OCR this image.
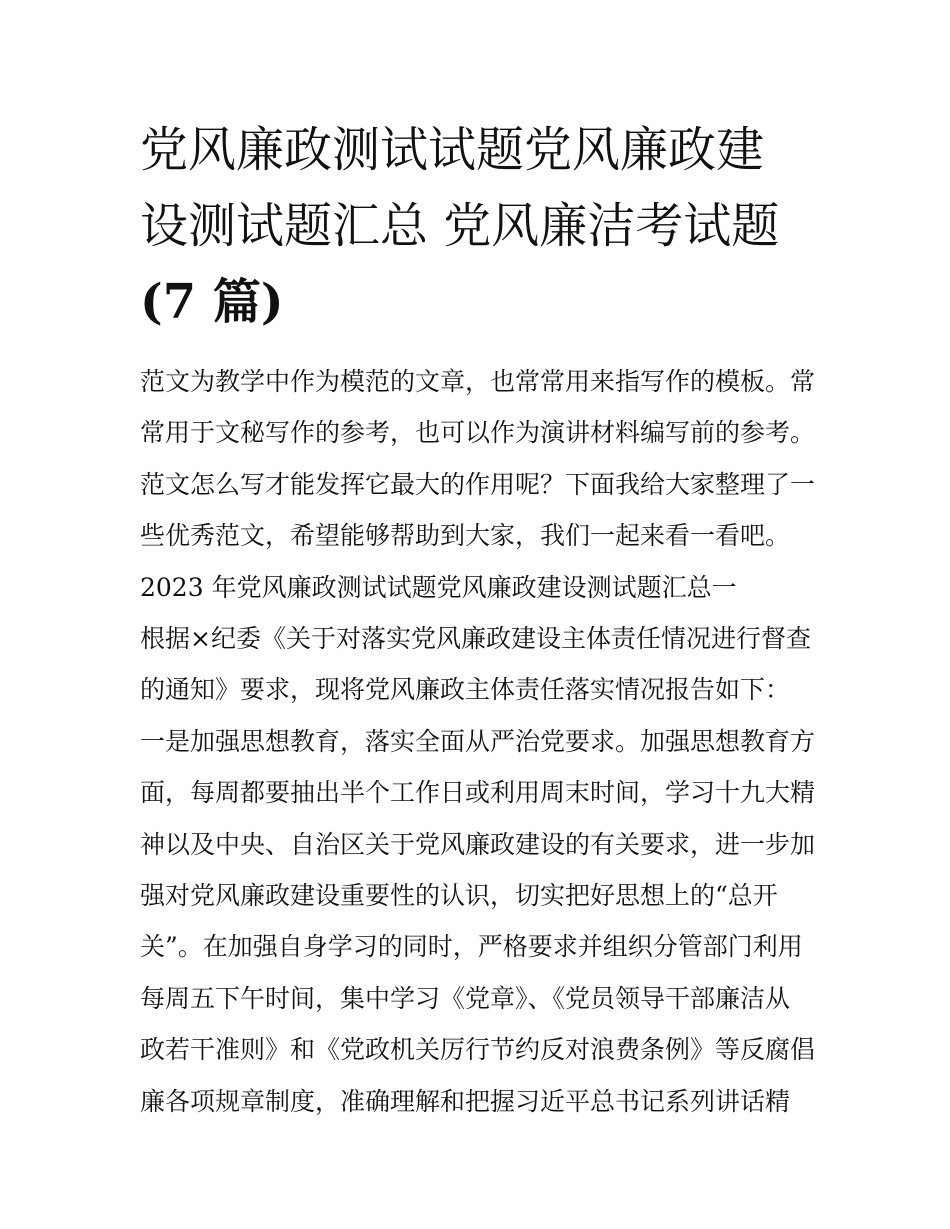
党风廉政测试试题党风廉政建
设测试题汇总 党风廉洁考试题
(7 篇)
范文为教学中作为模范的文章，也常常用来指写作的模板。常
常用于文秘写作的参考，也可以作为演讲材料编写前的参考。
范文怎么写才能发挥它最大的作用呢？下面我给大家整理了一
些优秀范文，希望能够帮助到大家，我们一起来看一看吧。
2023 年党风廉政测试试题党风廉政建设测试题汇总一
根据×纪委《关于对落实党风廉政建设主体责任情况进行督查
的通知》要求，现将党风廉政主体责任落实情况报告如下：
一是加强思想教育，落实全面从严治党要求。加强思想教育方
面，每周都要抽出半个工作日或利用周末时间，学习十九大精
神以及中央、自治区关于党风廉政建设的有关要求，进一步加
强对党风廉政建设重要性的认识，切实把好思想上的“总开
关”。在加强自身学习的同时，严格要求并组织分管部门利用
每周五下午时间，集中学习《党章》、《党员领导干部廉洁从
政若干准则》和《党政机关厉行节约反对浪费条例》等反腐倡
廉各项规章制度，准确理解和把握习近平总书记系列讲话精
